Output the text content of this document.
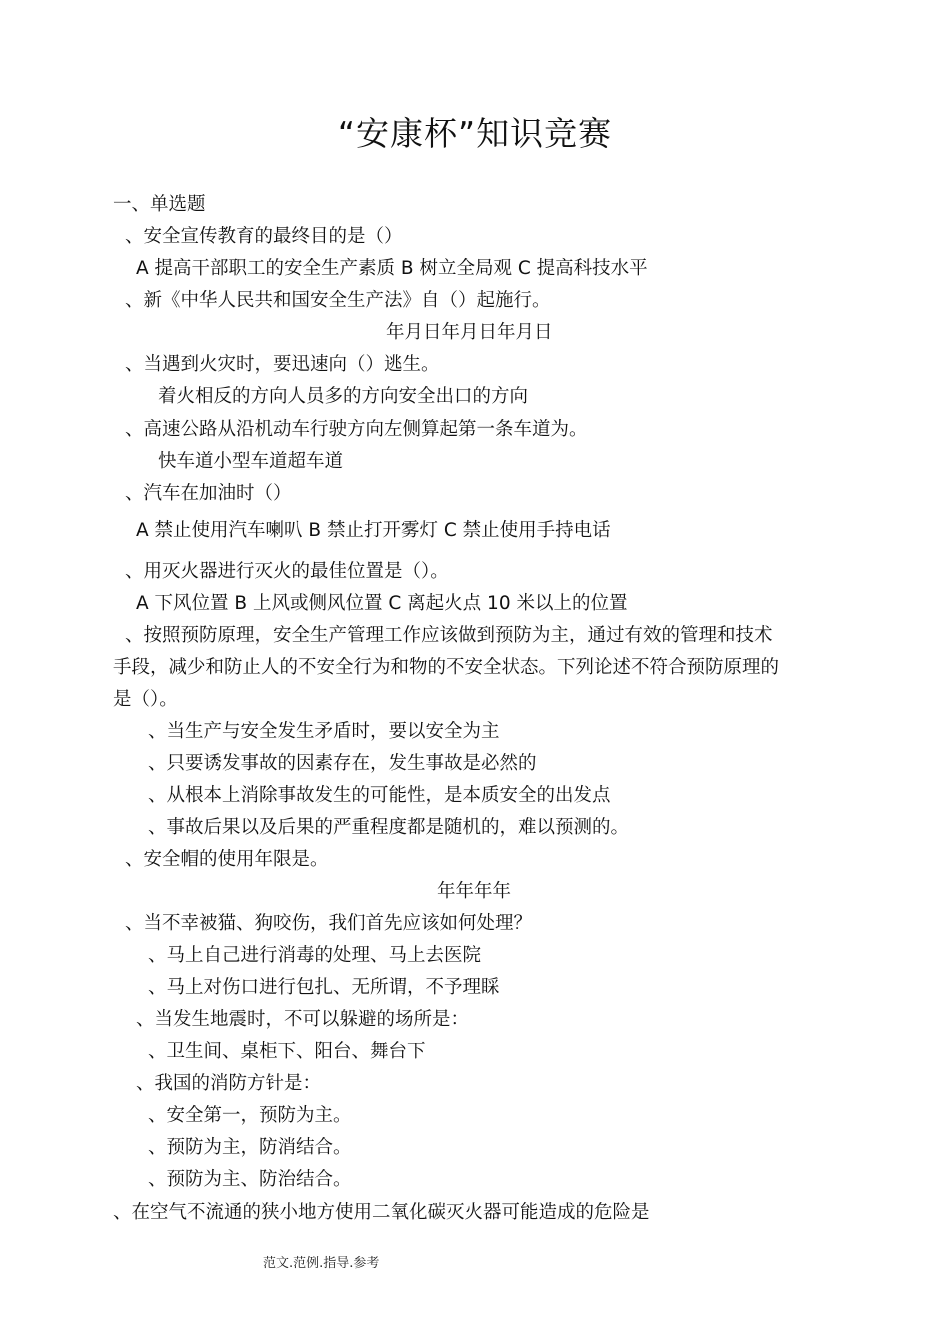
“安康杯”知识竞赛
一、单选题
、安全宣传教育的最终目的是（）
A 提高干部职工的安全生产素质 B 树立全局观 C 提高科技水平
、新《中华人民共和国安全生产法》自（）起施行。
年月日年月日年月日
、当遇到火灾时，要迅速向（）逃生。
着火相反的方向人员多的方向安全出口的方向
、高速公路从沿机动车行驶方向左侧算起第一条车道为。
快车道小型车道超车道
、汽车在加油时（）
A 禁止使用汽车喇叭 B 禁止打开雾灯 C 禁止使用手持电话
、用灭火器进行灭火的最佳位置是（）。
A 下风位置 B 上风或侧风位置 C 离起火点 10 米以上的位置
、按照预防原理，安全生产管理工作应该做到预防为主，通过有效的管理和技术
手段，减少和防止人的不安全行为和物的不安全状态。下列论述不符合预防原理的
是（）。
、当生产与安全发生矛盾时，要以安全为主
、只要诱发事故的因素存在，发生事故是必然的
、从根本上消除事故发生的可能性，是本质安全的出发点
、事故后果以及后果的严重程度都是随机的，难以预测的。
、安全帽的使用年限是。
年年年年
、当不幸被猫、狗咬伤，我们首先应该如何处理？
、马上自己进行消毒的处理、马上去医院
、马上对伤口进行包扎、无所谓，不予理睬
、当发生地震时，不可以躲避的场所是：
、卫生间、桌柜下、阳台、舞台下
、我国的消防方针是：
、安全第一，预防为主。
、预防为主，防消结合。
、预防为主、防治结合。
、在空气不流通的狭小地方使用二氧化碳灭火器可能造成的危险是
范文.范例.指导.参考
